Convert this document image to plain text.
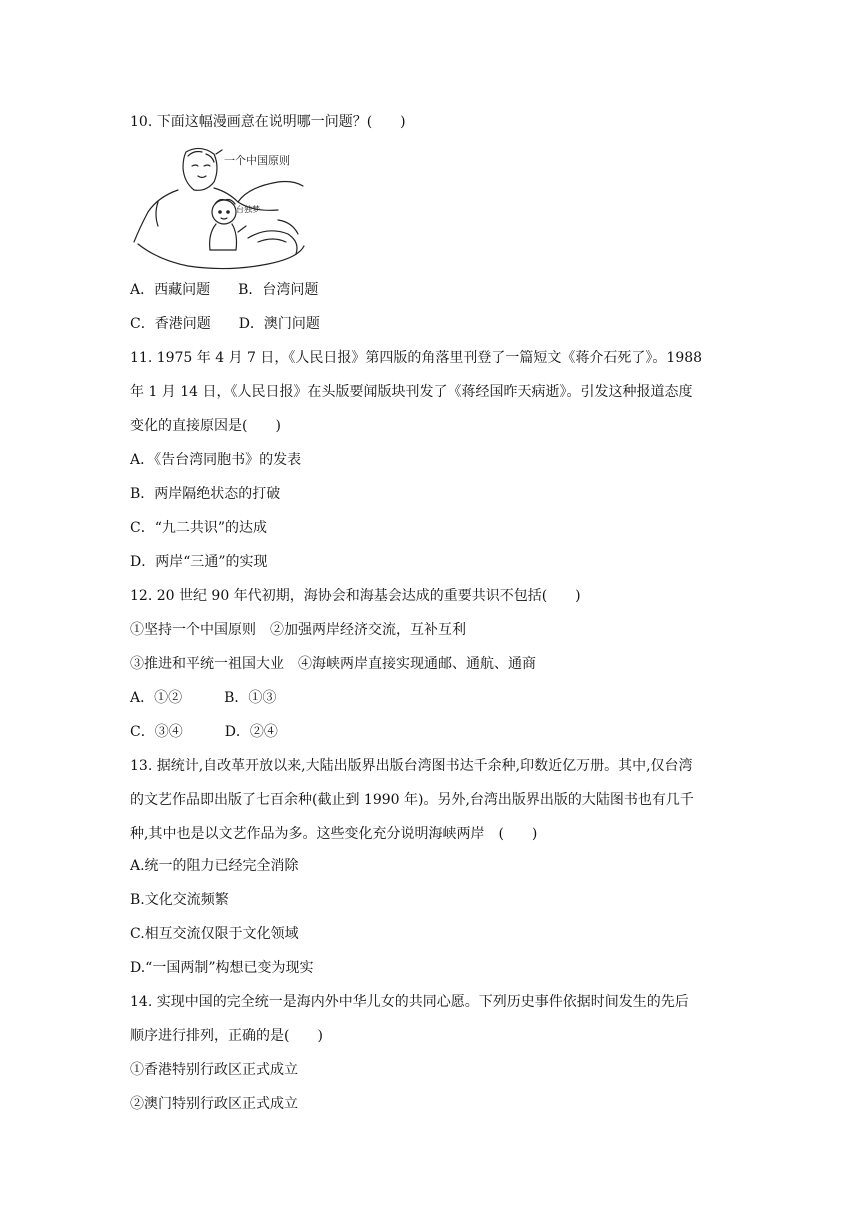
10. 下面这幅漫画意在说明哪一问题？(　　)
一个中国原则
台独梦
A．西藏问题　　B．台湾问题
C．香港问题　　D．澳门问题
11. 1975 年 4 月 7 日，《人民日报》第四版的角落里刊登了一篇短文《蒋介石死了》。1988
年 1 月 14 日，《人民日报》在头版要闻版块刊发了《蒋经国昨天病逝》。引发这种报道态度
变化的直接原因是(　　)
A．《告台湾同胞书》的发表
B．两岸隔绝状态的打破
C．“九二共识”的达成
D．两岸“三通”的实现
12. 20 世纪 90 年代初期，海协会和海基会达成的重要共识不包括(　　)
①坚持一个中国原则　②加强两岸经济交流，互补互利
③推进和平统一祖国大业　④海峡两岸直接实现通邮、通航、通商
A．①②　　　B．①③
C．③④　　　D．②④
13. 据统计,自改革开放以来,大陆出版界出版台湾图书达千余种,印数近亿万册。其中,仅台湾
的文艺作品即出版了七百余种(截止到 1990 年)。另外,台湾出版界出版的大陆图书也有几千
种,其中也是以文艺作品为多。这些变化充分说明海峡两岸　(　　)
A.统一的阻力已经完全消除
B.文化交流频繁
C.相互交流仅限于文化领域
D.“一国两制”构想已变为现实
14. 实现中国的完全统一是海内外中华儿女的共同心愿。下列历史事件依据时间发生的先后
顺序进行排列，正确的是(　　)
①香港特别行政区正式成立
②澳门特别行政区正式成立
